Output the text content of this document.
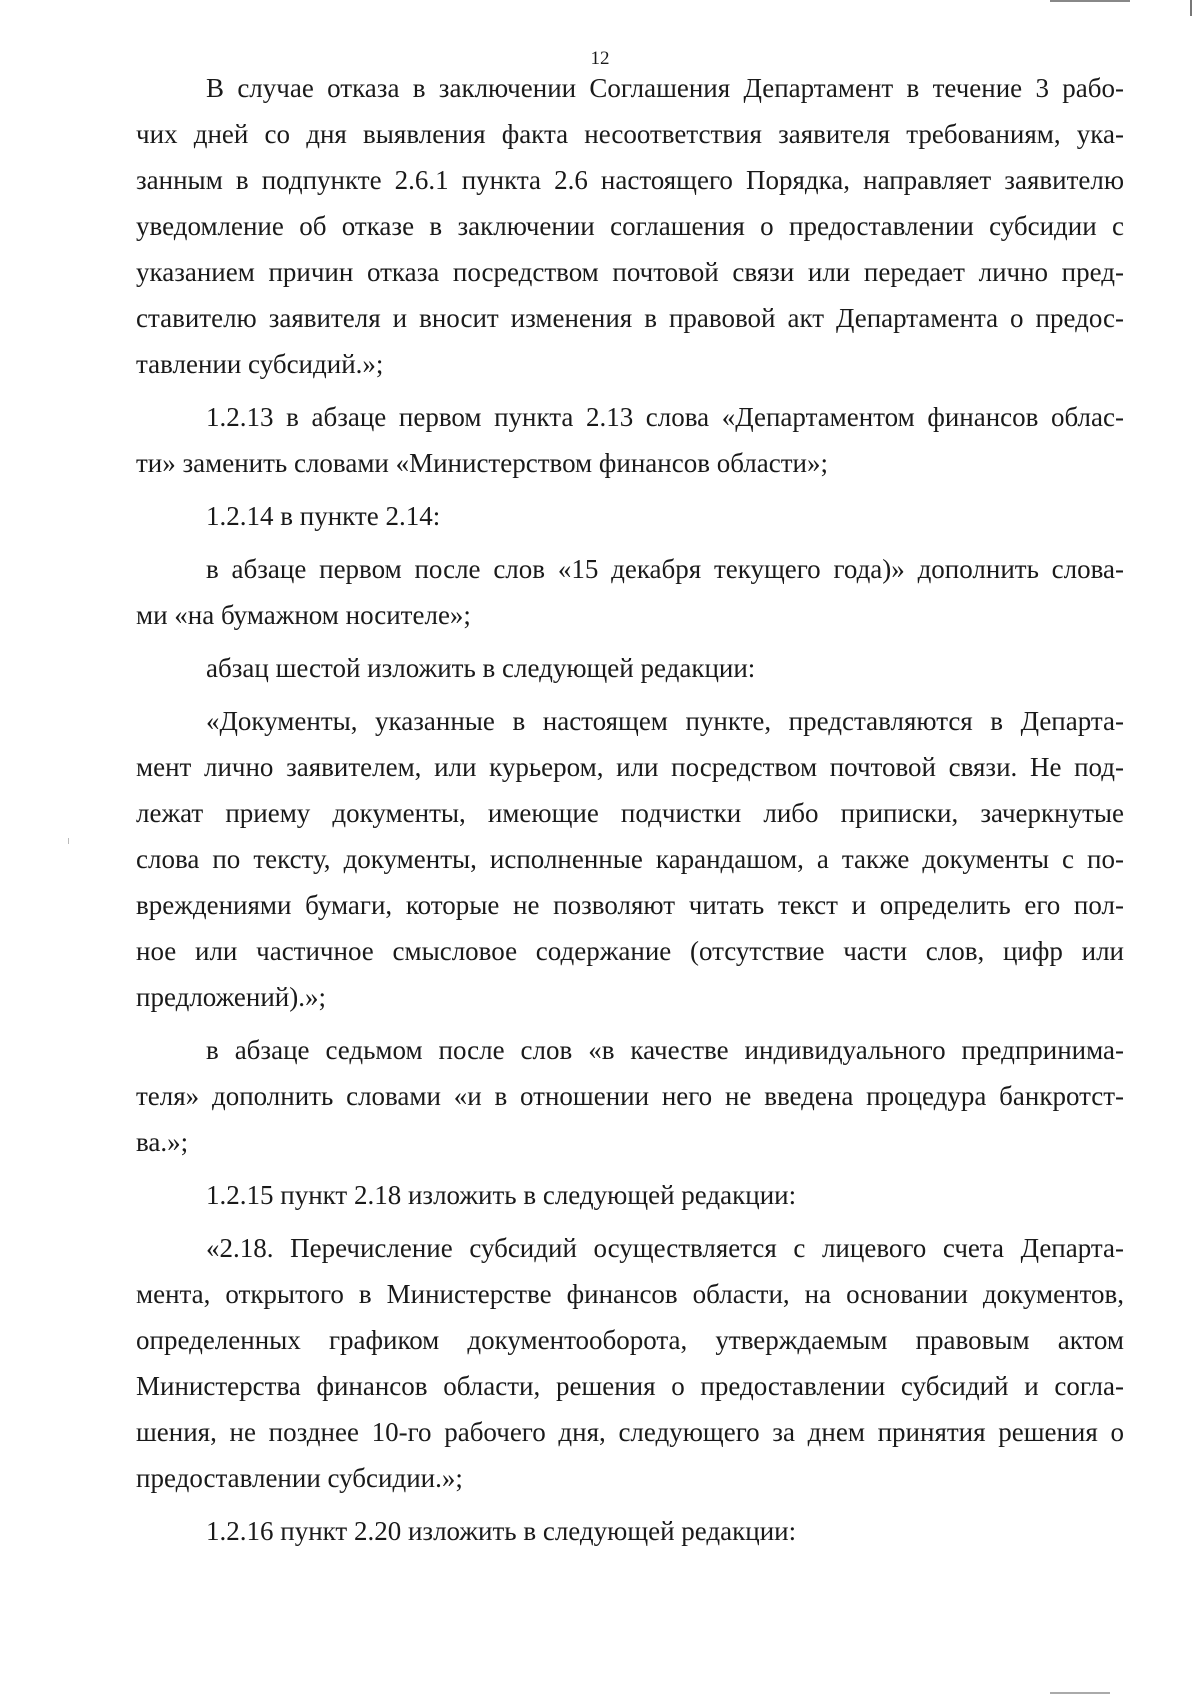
12
В случае отказа в заключении Соглашения Департамент в течение 3 рабо-
чих дней со дня выявления факта несоответствия заявителя требованиям, ука-
занным в подпункте 2.6.1 пункта 2.6 настоящего Порядка, направляет заявителю
уведомление об отказе в заключении соглашения о предоставлении субсидии с
указанием причин отказа посредством почтовой связи или передает лично пред-
ставителю заявителя и вносит изменения в правовой акт Департамента о предос-
тавлении субсидий.»;
1.2.13 в абзаце первом пункта 2.13 слова «Департаментом финансов облас-
ти» заменить словами «Министерством финансов области»;
1.2.14 в пункте 2.14:
в абзаце первом после слов «15 декабря текущего года)» дополнить слова-
ми «на бумажном носителе»;
абзац шестой изложить в следующей редакции:
«Документы, указанные в настоящем пункте, представляются в Департа-
мент лично заявителем, или курьером, или посредством почтовой связи. Не под-
лежат приему документы, имеющие подчистки либо приписки, зачеркнутые
слова по тексту, документы, исполненные карандашом, а также документы с по-
вреждениями бумаги, которые не позволяют читать текст и определить его пол-
ное или частичное смысловое содержание (отсутствие части слов, цифр или
предложений).»;
в абзаце седьмом после слов «в качестве индивидуального предпринима-
теля» дополнить словами «и в отношении него не введена процедура банкротст-
ва.»;
1.2.15 пункт 2.18 изложить в следующей редакции:
«2.18. Перечисление субсидий осуществляется с лицевого счета Департа-
мента, открытого в Министерстве финансов области, на основании документов,
определенных графиком документооборота, утверждаемым правовым актом
Министерства финансов области, решения о предоставлении субсидий и согла-
шения, не позднее 10-го рабочего дня, следующего за днем принятия решения о
предоставлении субсидии.»;
1.2.16 пункт 2.20 изложить в следующей редакции:
